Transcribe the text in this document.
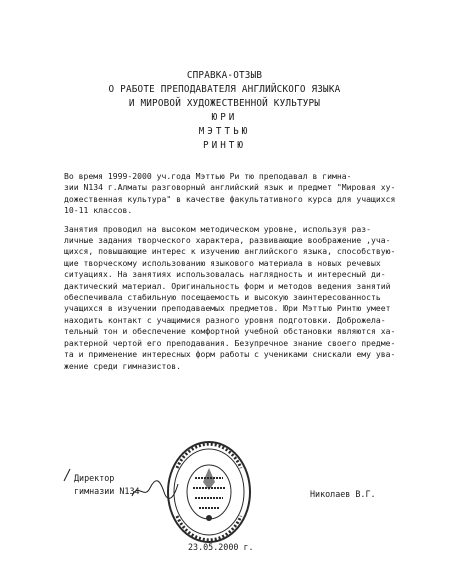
СПРАВКА-ОТЗЫВ
О РАБОТЕ ПРЕПОДАВАТЕЛЯ АНГЛИЙСКОГО ЯЗЫКА
И МИРОВОЙ ХУДОЖЕСТВЕННОЙ КУЛЬТУРЫ
ЮРИ
МЭТТЬЮ
РИНТЮ
Во время 1999-2000 уч.года Мэттью Ри тю преподавал в гимна-
зии N134 г.Алматы разговорный английский язык и предмет "Мировая ху-
дожественная культура" в качестве факультативного курса для учащихся
10-11 классов.
Занятия проводил на высоком методическом уровне, используя раз-
личные задания творческого характера, развивающие воображение ,уча-
щихся, повышающие интерес к изучению английского языка, способствую-
щие творческому использованию языкового материала в новых речевых
ситуациях. На занятиях использовалась наглядность и интересный ди-
дактический материал. Оригинальность форм и методов ведения занятий
обеспечивала стабильную посещаемость и высокую заинтересованность
учащихся в изучении преподаваемых предметов. Юри Мэттью Ринтю умеет
находить контакт с учащимися разного уровня подготовки. Доброжела-
тельный тон и обеспечение комфортной учебной обстановки являются ха-
рактерной чертой его преподавания. Безупречное знание своего предме-
та и применение интересных форм работы с учениками снискали ему ува-
жение среди гимназистов.
Директор
гимназии N134	Николаев В.Г.
23.05.2000 г.
